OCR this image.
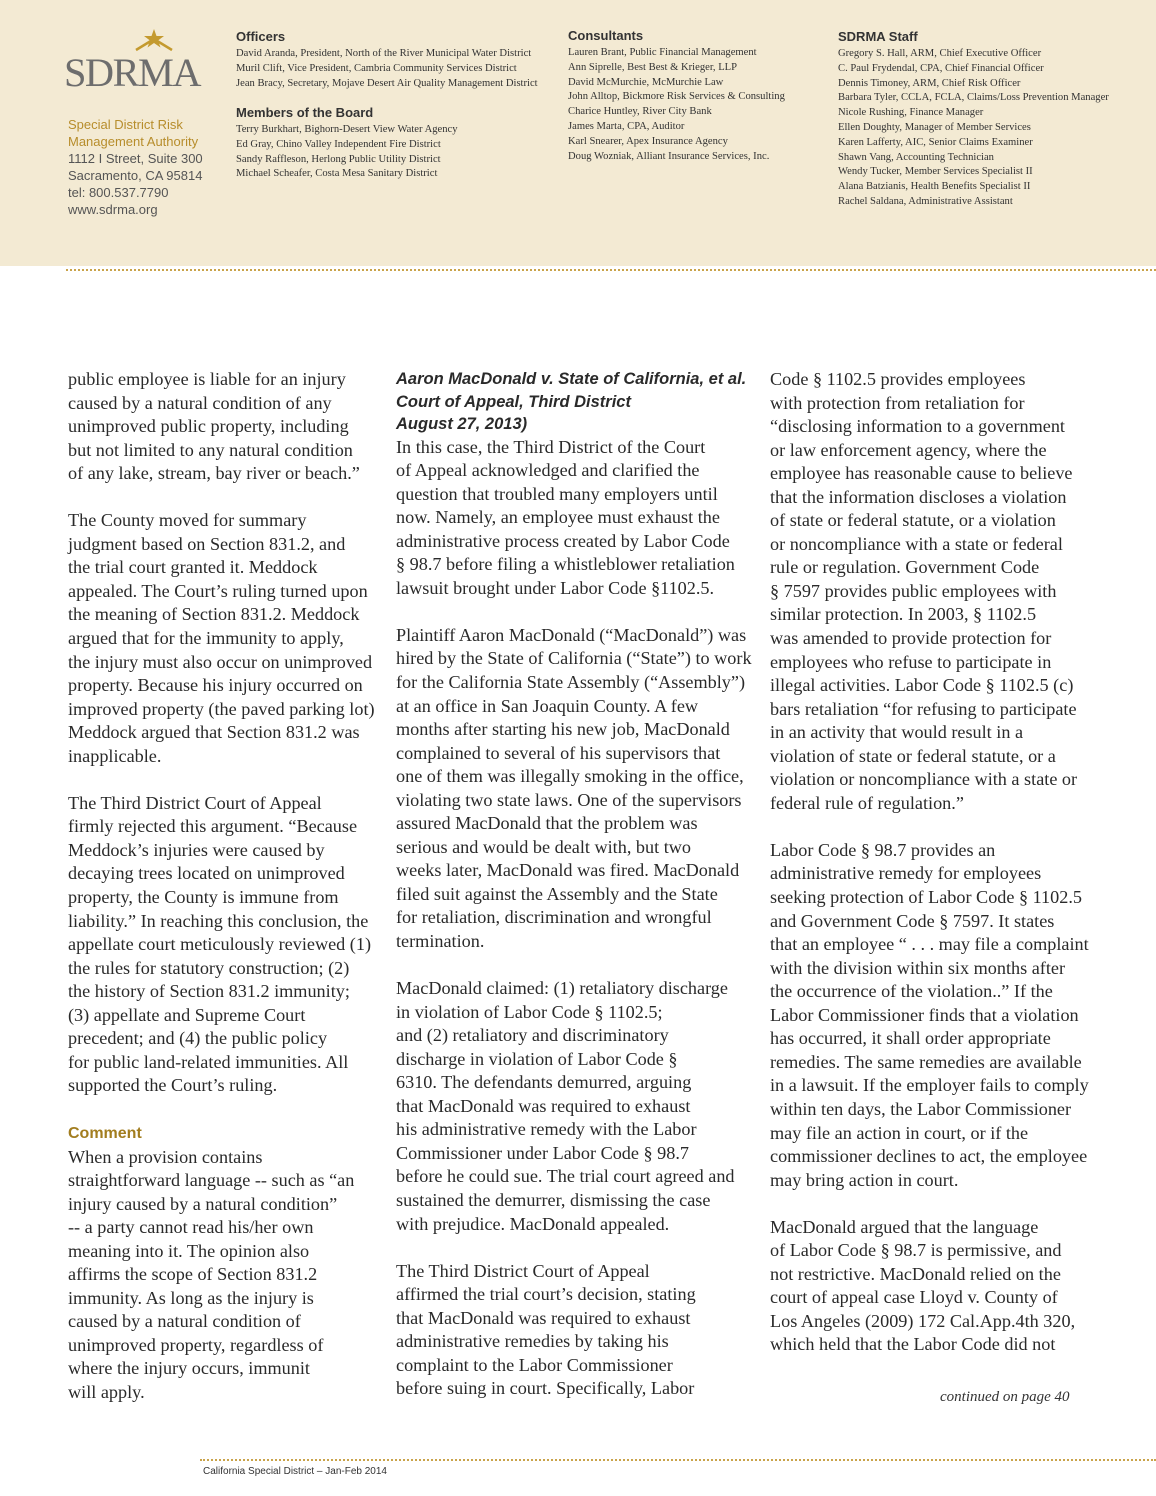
SDRMA
Special District Risk
Management Authority
1112 I Street, Suite 300
Sacramento, CA 95814
tel: 800.537.7790
www.sdrma.org
Officers
David Aranda, President, North of the River Municipal Water District
Muril Clift, Vice President, Cambria Community Services District
Jean Bracy, Secretary, Mojave Desert Air Quality Management District
Members of the Board
Terry Burkhart, Bighorn-Desert View Water Agency
Ed Gray, Chino Valley Independent Fire District
Sandy Raffleson, Herlong Public Utility District
Michael Scheafer, Costa Mesa Sanitary District
Consultants
Lauren Brant, Public Financial Management
Ann Siprelle, Best Best & Krieger, LLP
David McMurchie, McMurchie Law
John Alltop, Bickmore Risk Services & Consulting
Charice Huntley, River City Bank
James Marta, CPA, Auditor
Karl Snearer, Apex Insurance Agency
Doug Wozniak, Alliant Insurance Services, Inc.
SDRMA Staff
Gregory S. Hall, ARM, Chief Executive Officer
C. Paul Frydendal, CPA, Chief Financial Officer
Dennis Timoney, ARM, Chief Risk Officer
Barbara Tyler, CCLA, FCLA, Claims/Loss Prevention Manager
Nicole Rushing, Finance Manager
Ellen Doughty, Manager of Member Services
Karen Lafferty, AIC, Senior Claims Examiner
Shawn Vang, Accounting Technician
Wendy Tucker, Member Services Specialist II
Alana Batzianis, Health Benefits Specialist II
Rachel Saldana, Administrative Assistant
public employee is liable for an injury
caused by a natural condition of any
unimproved public property, including
but not limited to any natural condition
of any lake, stream, bay river or beach.”
The County moved for summary
judgment based on Section 831.2, and
the trial court granted it. Meddock
appealed. The Court’s ruling turned upon
the meaning of Section 831.2. Meddock
argued that for the immunity to apply,
the injury must also occur on unimproved
property. Because his injury occurred on
improved property (the paved parking lot)
Meddock argued that Section 831.2 was
inapplicable.
The Third District Court of Appeal
firmly rejected this argument. “Because
Meddock’s injuries were caused by
decaying trees located on unimproved
property, the County is immune from
liability.” In reaching this conclusion, the
appellate court meticulously reviewed (1)
the rules for statutory construction; (2)
the history of Section 831.2 immunity;
(3) appellate and Supreme Court
precedent; and (4) the public policy
for public land-related immunities. All
supported the Court’s ruling.
Comment
When a provision contains
straightforward language -- such as “an
injury caused by a natural condition”
-- a party cannot read his/her own
meaning into it. The opinion also
affirms the scope of Section 831.2
immunity. As long as the injury is
caused by a natural condition of
unimproved property, regardless of
where the injury occurs, immunit
will apply.
Aaron MacDonald v. State of California, et al.
Court of Appeal, Third District
August 27, 2013)
In this case, the Third District of the Court
of Appeal acknowledged and clarified the
question that troubled many employers until
now. Namely, an employee must exhaust the
administrative process created by Labor Code
§ 98.7 before filing a whistleblower retaliation
lawsuit brought under Labor Code §1102.5.
Plaintiff Aaron MacDonald (“MacDonald”) was
hired by the State of California (“State”) to work
for the California State Assembly (“Assembly”)
at an office in San Joaquin County. A few
months after starting his new job, MacDonald
complained to several of his supervisors that
one of them was illegally smoking in the office,
violating two state laws. One of the supervisors
assured MacDonald that the problem was
serious and would be dealt with, but two
weeks later, MacDonald was fired. MacDonald
filed suit against the Assembly and the State
for retaliation, discrimination and wrongful
termination.
MacDonald claimed: (1) retaliatory discharge
in violation of Labor Code § 1102.5;
and (2) retaliatory and discriminatory
discharge in violation of Labor Code §
6310. The defendants demurred, arguing
that MacDonald was required to exhaust
his administrative remedy with the Labor
Commissioner under Labor Code § 98.7
before he could sue. The trial court agreed and
sustained the demurrer, dismissing the case
with prejudice. MacDonald appealed.
The Third District Court of Appeal
affirmed the trial court’s decision, stating
that MacDonald was required to exhaust
administrative remedies by taking his
complaint to the Labor Commissioner
before suing in court. Specifically, Labor
Code § 1102.5 provides employees
with protection from retaliation for
“disclosing information to a government
or law enforcement agency, where the
employee has reasonable cause to believe
that the information discloses a violation
of state or federal statute, or a violation
or noncompliance with a state or federal
rule or regulation. Government Code
§ 7597 provides public employees with
similar protection. In 2003, § 1102.5
was amended to provide protection for
employees who refuse to participate in
illegal activities. Labor Code § 1102.5 (c)
bars retaliation “for refusing to participate
in an activity that would result in a
violation of state or federal statute, or a
violation or noncompliance with a state or
federal rule of regulation.”
Labor Code § 98.7 provides an
administrative remedy for employees
seeking protection of Labor Code § 1102.5
and Government Code § 7597. It states
that an employee “ . . . may file a complaint
with the division within six months after
the occurrence of the violation..” If the
Labor Commissioner finds that a violation
has occurred, it shall order appropriate
remedies. The same remedies are available
in a lawsuit. If the employer fails to comply
within ten days, the Labor Commissioner
may file an action in court, or if the
commissioner declines to act, the employee
may bring action in court.
MacDonald argued that the language
of Labor Code § 98.7 is permissive, and
not restrictive. MacDonald relied on the
court of appeal case Lloyd v. County of
Los Angeles (2009) 172 Cal.App.4th 320,
which held that the Labor Code did not
continued on page 40
California Special District – Jan-Feb 2014
